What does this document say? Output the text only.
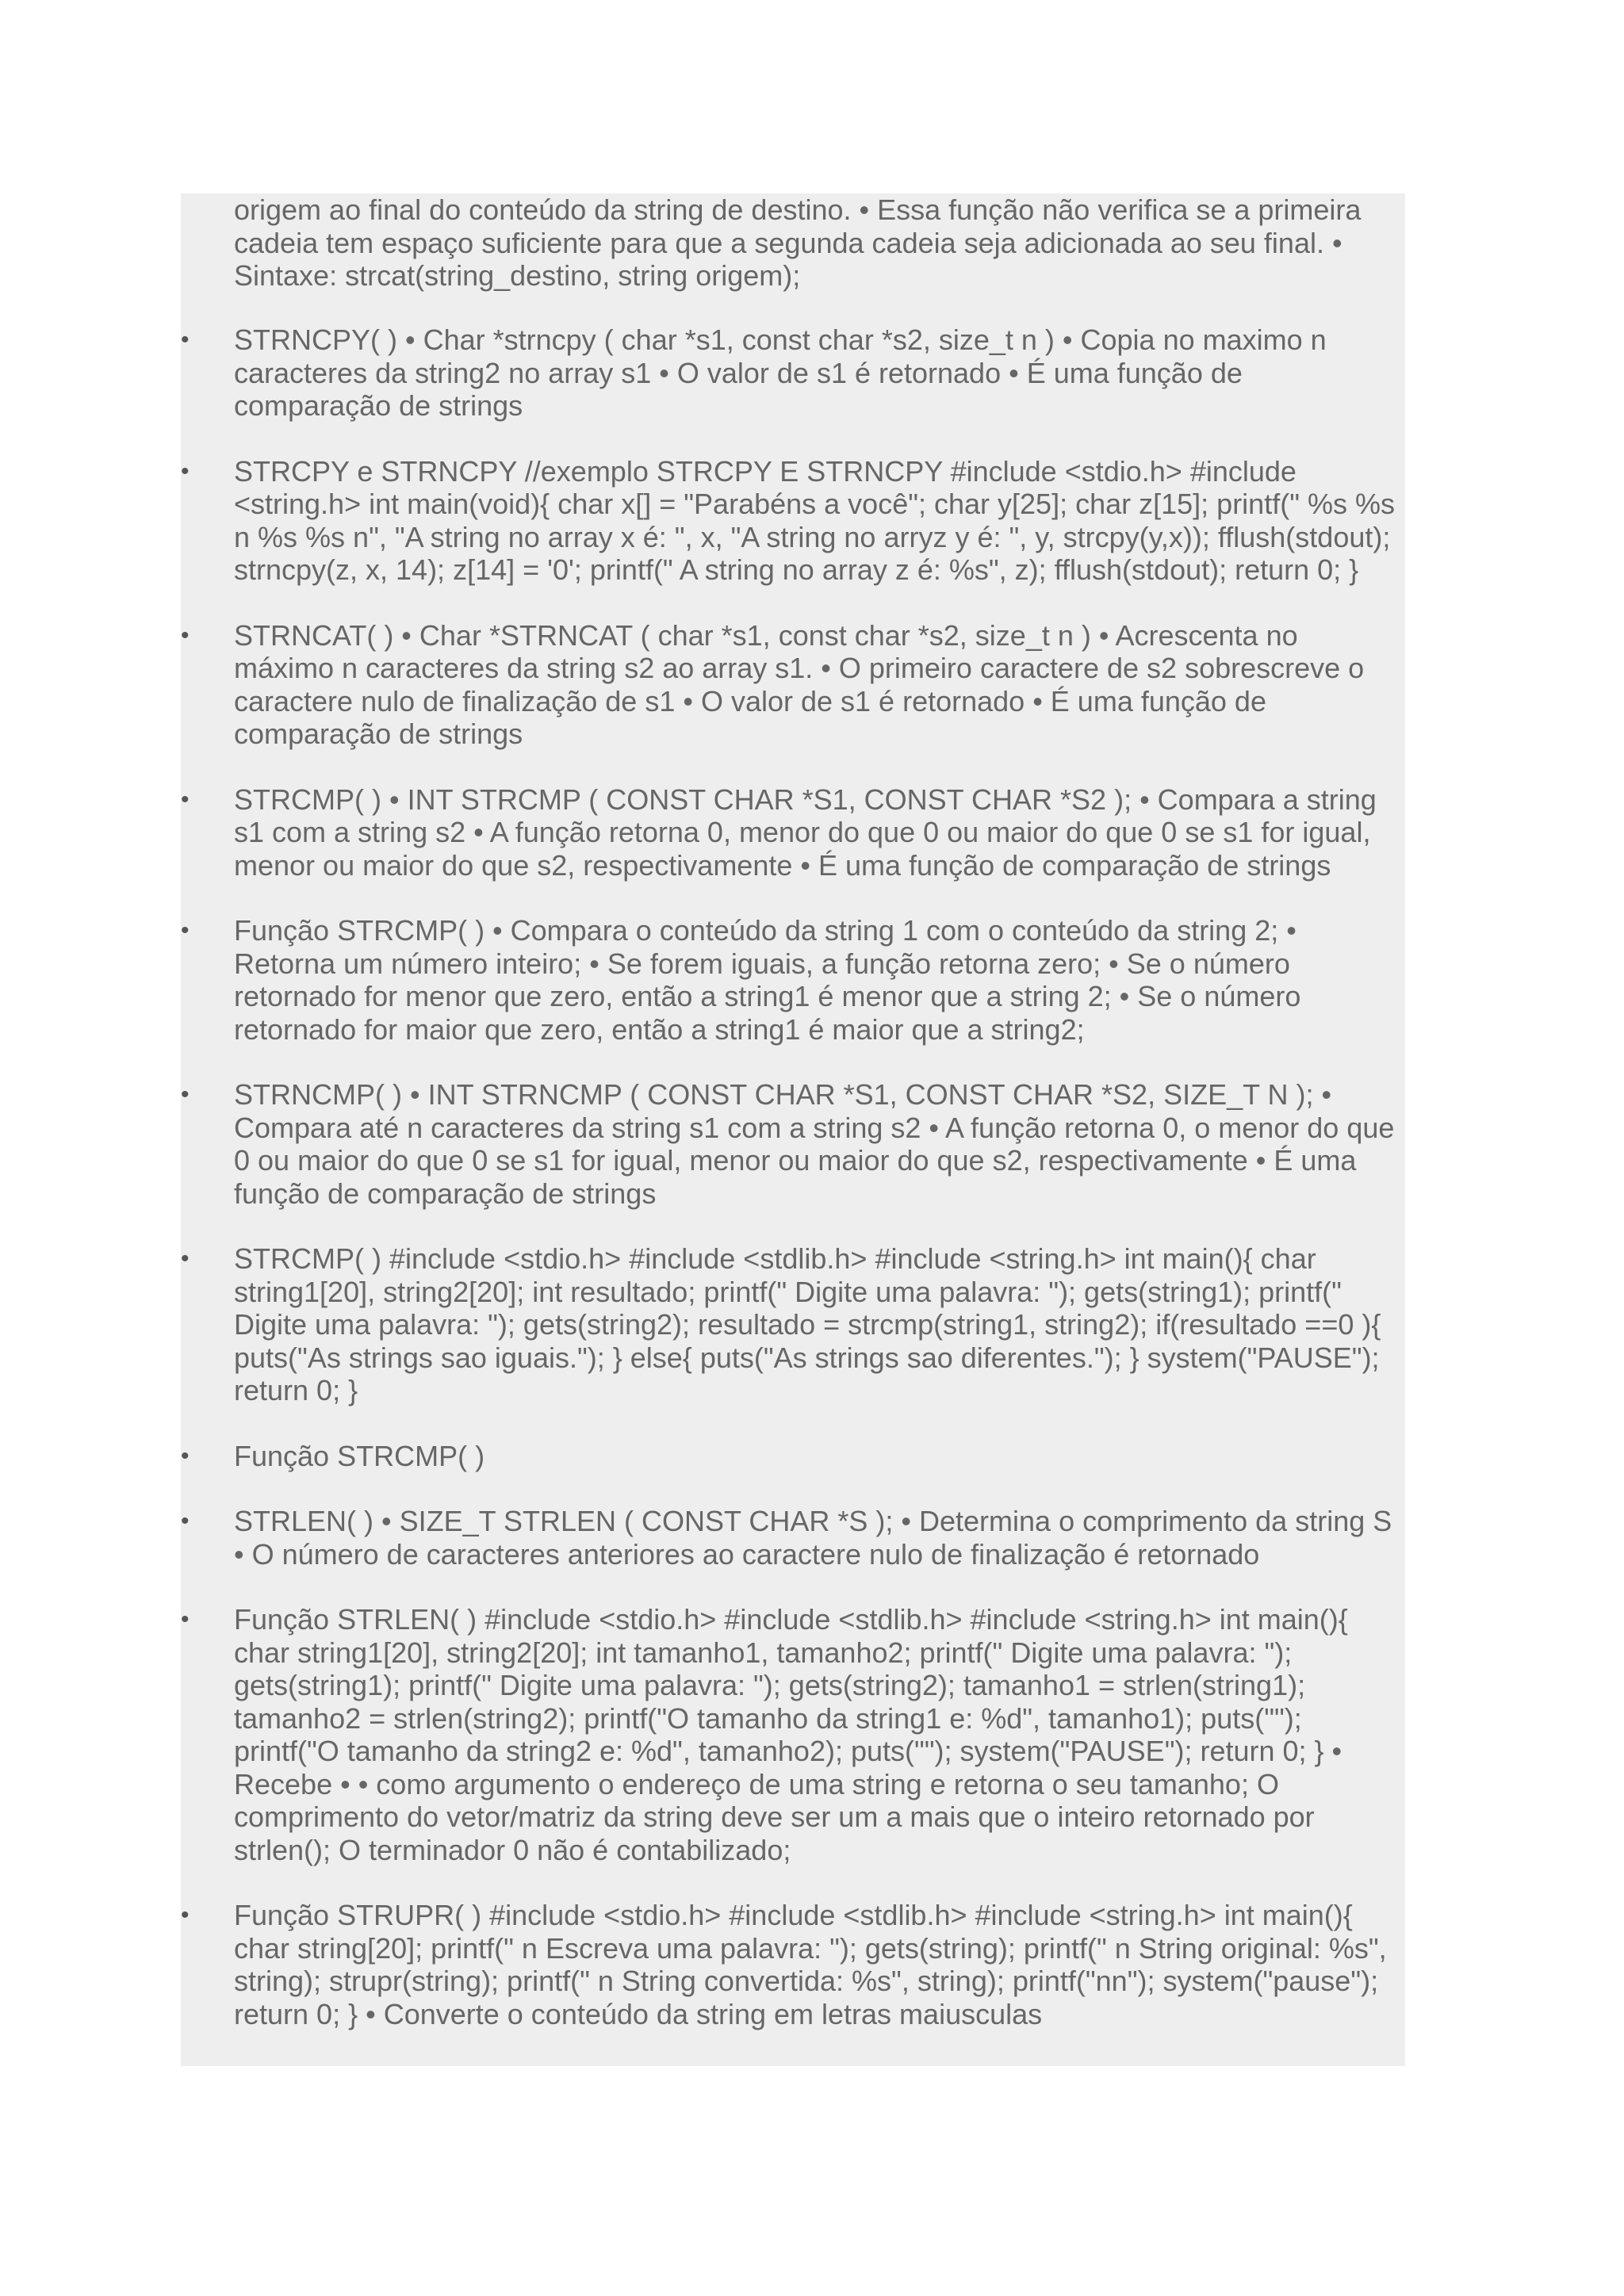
origem ao final do conteúdo da string de destino. • Essa função não verifica se a primeira cadeia tem espaço suficiente para que a segunda cadeia seja adicionada ao seu final. • Sintaxe: strcat(string_destino, string origem);

• STRNCPY( ) • Char *strncpy ( char *s1, const char *s2, size_t n ) • Copia no maximo n caracteres da string2 no array s1 • O valor de s1 é retornado • É uma função de comparação de strings
• STRCPY e STRNCPY //exemplo STRCPY E STRNCPY #include <stdio.h> #include <string.h> int main(void){ char x[] = "Parabéns a você"; char y[25]; char z[15]; printf(" %s %s n %s %s n", "A string no array x é: ", x, "A string no arryz y é: ", y, strcpy(y,x)); fflush(stdout); strncpy(z, x, 14); z[14] = '0'; printf(" A string no array z é: %s", z); fflush(stdout); return 0; }
• STRNCAT( ) • Char *STRNCAT ( char *s1, const char *s2, size_t n ) • Acrescenta no máximo n caracteres da string s2 ao array s1. • O primeiro caractere de s2 sobrescreve o caractere nulo de finalização de s1 • O valor de s1 é retornado • É uma função de comparação de strings
• STRCMP( ) • INT STRCMP ( CONST CHAR *S1, CONST CHAR *S2 ); • Compara a string s1 com a string s2 • A função retorna 0, menor do que 0 ou maior do que 0 se s1 for igual, menor ou maior do que s2, respectivamente • É uma função de comparação de strings
• Função STRCMP( ) • Compara o conteúdo da string 1 com o conteúdo da string 2; • Retorna um número inteiro; • Se forem iguais, a função retorna zero; • Se o número retornado for menor que zero, então a string1 é menor que a string 2; • Se o número retornado for maior que zero, então a string1 é maior que a string2;
• STRNCMP( ) • INT STRNCMP ( CONST CHAR *S1, CONST CHAR *S2, SIZE_T N ); • Compara até n caracteres da string s1 com a string s2 • A função retorna 0, o menor do que 0 ou maior do que 0 se s1 for igual, menor ou maior do que s2, respectivamente • É uma função de comparação de strings
• STRCMP( ) #include <stdio.h> #include <stdlib.h> #include <string.h> int main(){ char string1[20], string2[20]; int resultado; printf(" Digite uma palavra: "); gets(string1); printf(" Digite uma palavra: "); gets(string2); resultado = strcmp(string1, string2); if(resultado ==0 ){ puts("As strings sao iguais."); } else{ puts("As strings sao diferentes."); } system("PAUSE"); return 0; }
• Função STRCMP( )
• STRLEN( ) • SIZE_T STRLEN ( CONST CHAR *S ); • Determina o comprimento da string S • O número de caracteres anteriores ao caractere nulo de finalização é retornado
• Função STRLEN( ) #include <stdio.h> #include <stdlib.h> #include <string.h> int main(){ char string1[20], string2[20]; int tamanho1, tamanho2; printf(" Digite uma palavra: "); gets(string1); printf(" Digite uma palavra: "); gets(string2); tamanho1 = strlen(string1); tamanho2 = strlen(string2); printf("O tamanho da string1 e: %d", tamanho1); puts(""); printf("O tamanho da string2 e: %d", tamanho2); puts(""); system("PAUSE"); return 0; } • Recebe • • como argumento o endereço de uma string e retorna o seu tamanho; O comprimento do vetor/matriz da string deve ser um a mais que o inteiro retornado por strlen(); O terminador 0 não é contabilizado;
• Função STRUPR( ) #include <stdio.h> #include <stdlib.h> #include <string.h> int main(){ char string[20]; printf(" n Escreva uma palavra: "); gets(string); printf(" n String original: %s", string); strupr(string); printf(" n String convertida: %s", string); printf("nn"); system("pause"); return 0; } • Converte o conteúdo da string em letras maiusculas
